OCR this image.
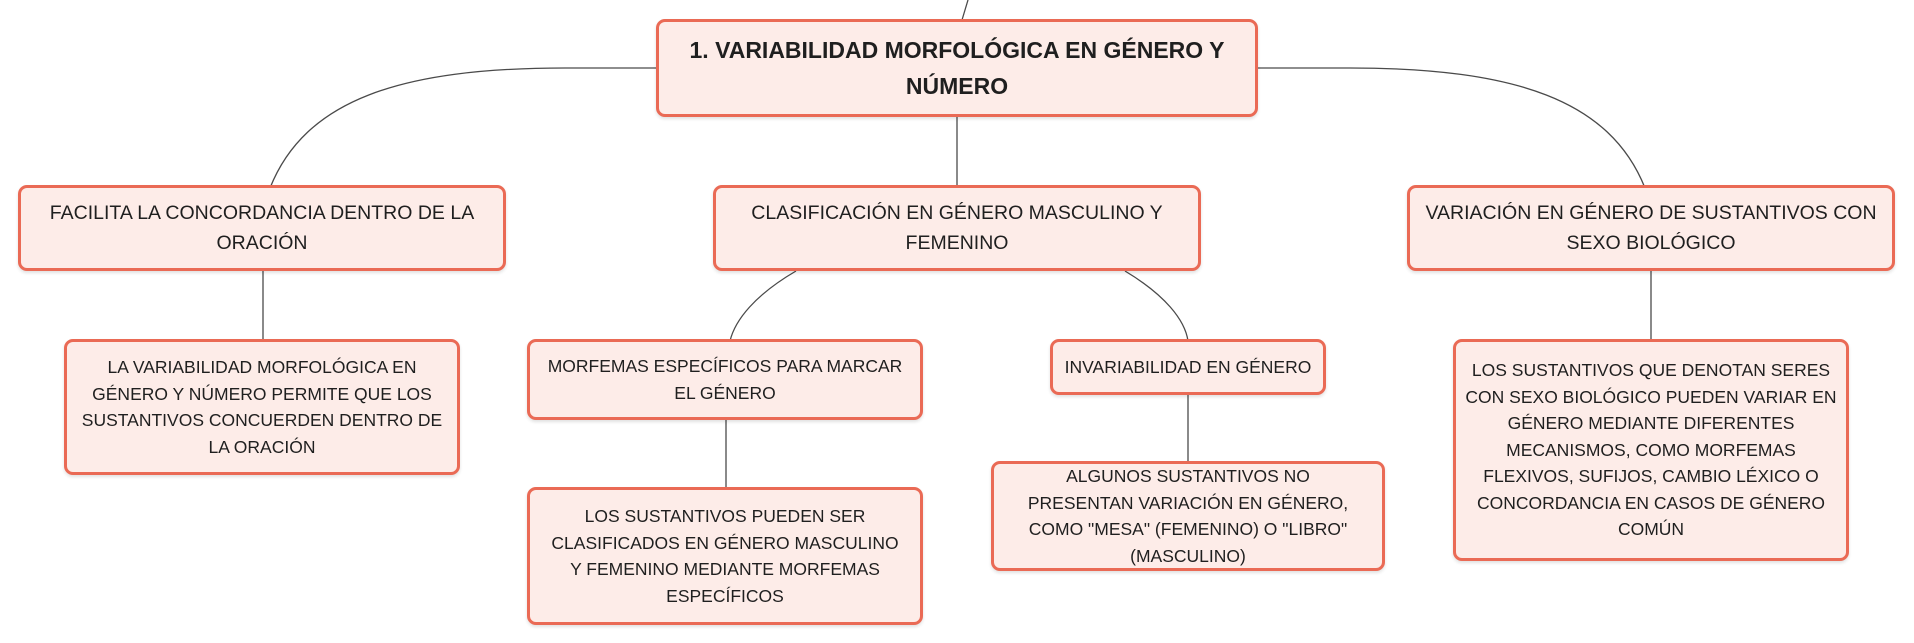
1. VARIABILIDAD MORFOLÓGICA EN GÉNERO Y NÚMERO
FACILITA LA CONCORDANCIA DENTRO DE LA ORACIÓN
CLASIFICACIÓN EN GÉNERO MASCULINO Y FEMENINO
VARIACIÓN EN GÉNERO DE SUSTANTIVOS CON SEXO BIOLÓGICO
LA VARIABILIDAD MORFOLÓGICA EN GÉNERO Y NÚMERO PERMITE QUE LOS SUSTANTIVOS CONCUERDEN DENTRO DE LA ORACIÓN
MORFEMAS ESPECÍFICOS PARA MARCAR EL GÉNERO
INVARIABILIDAD EN GÉNERO
LOS SUSTANTIVOS PUEDEN SER CLASIFICADOS EN GÉNERO MASCULINO Y FEMENINO MEDIANTE MORFEMAS ESPECÍFICOS
ALGUNOS SUSTANTIVOS NO PRESENTAN VARIACIÓN EN GÉNERO, COMO "MESA" (FEMENINO) O "LIBRO" (MASCULINO)
LOS SUSTANTIVOS QUE DENOTAN SERES CON SEXO BIOLÓGICO PUEDEN VARIAR EN GÉNERO MEDIANTE DIFERENTES MECANISMOS, COMO MORFEMAS FLEXIVOS, SUFIJOS, CAMBIO LÉXICO O CONCORDANCIA EN CASOS DE GÉNERO COMÚN
